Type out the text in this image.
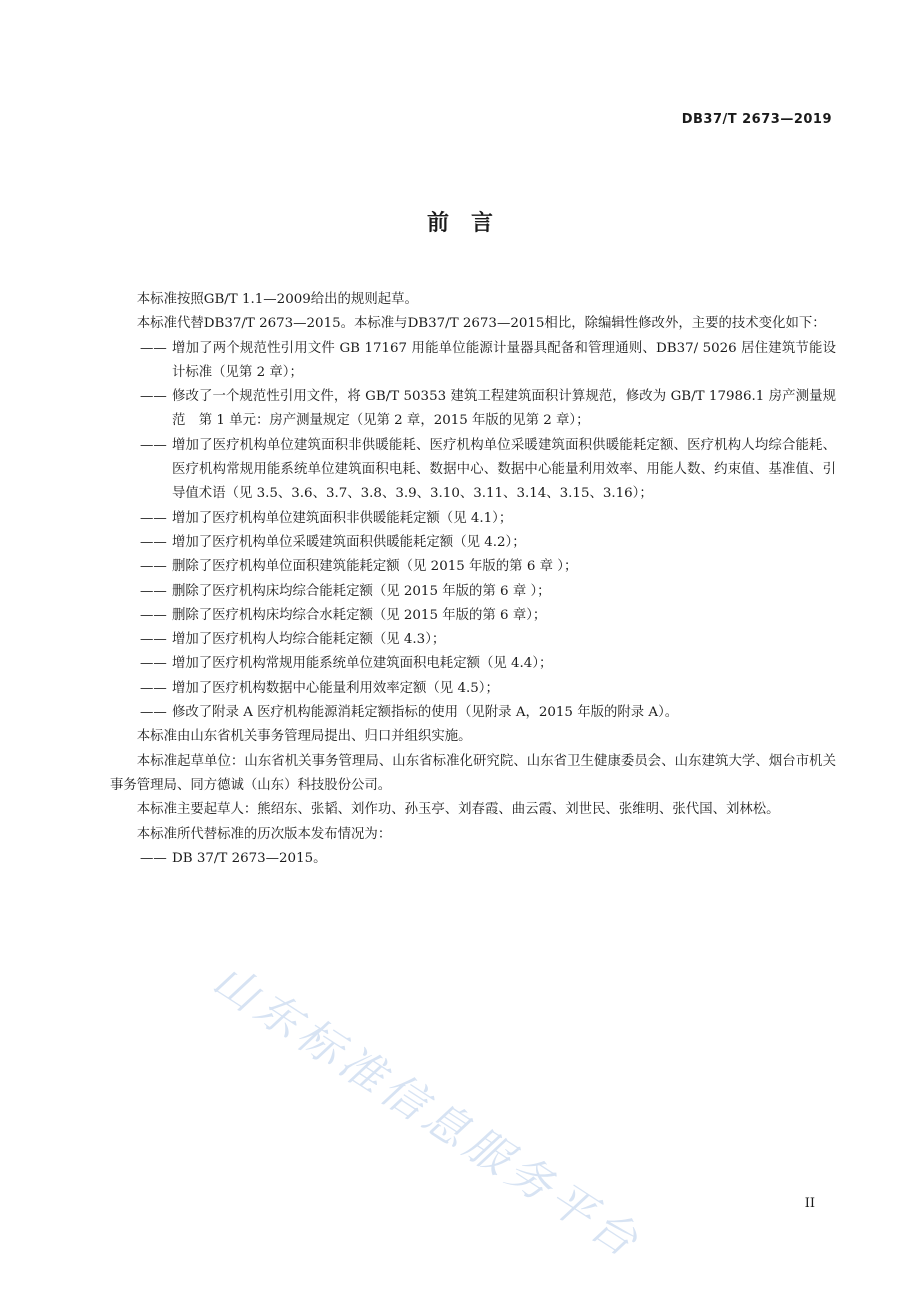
DB37/T 2673—2019
前　言

本标准按照GB/T 1.1—2009给出的规则起草。

本标准代替DB37/T 2673—2015。本标准与DB37/T 2673—2015相比，除编辑性修改外，主要的技术变化如下：

—— 增加了两个规范性引用文件 GB 17167 用能单位能源计量器具配备和管理通则、DB37/ 5026 居住建筑节能设计标准（见第 2 章）；

—— 修改了一个规范性引用文件，将 GB/T 50353 建筑工程建筑面积计算规范，修改为 GB/T 17986.1 房产测量规范　第 1 单元：房产测量规定（见第 2 章，2015 年版的见第 2 章）；

—— 增加了医疗机构单位建筑面积非供暖能耗、医疗机构单位采暖建筑面积供暖能耗定额、医疗机构人均综合能耗、医疗机构常规用能系统单位建筑面积电耗、数据中心、数据中心能量利用效率、用能人数、约束值、基准值、引导值术语（见 3.5、3.6、3.7、3.8、3.9、3.10、3.11、3.14、3.15、3.16）；

—— 增加了医疗机构单位建筑面积非供暖能耗定额（见 4.1）；

—— 增加了医疗机构单位采暖建筑面积供暖能耗定额（见 4.2）；

—— 删除了医疗机构单位面积建筑能耗定额（见 2015 年版的第 6 章 ）；

—— 删除了医疗机构床均综合能耗定额（见 2015 年版的第 6 章 ）；

—— 删除了医疗机构床均综合水耗定额（见 2015 年版的第 6 章）；

—— 增加了医疗机构人均综合能耗定额（见 4.3）；

—— 增加了医疗机构常规用能系统单位建筑面积电耗定额（见 4.4）；

—— 增加了医疗机构数据中心能量利用效率定额（见 4.5）；

—— 修改了附录 A 医疗机构能源消耗定额指标的使用（见附录 A，2015 年版的附录 A）。

本标准由山东省机关事务管理局提出、归口并组织实施。

本标准起草单位：山东省机关事务管理局、山东省标准化研究院、山东省卫生健康委员会、山东建筑大学、烟台市机关事务管理局、同方德诚（山东）科技股份公司。

本标准主要起草人：熊绍东、张韬、刘作功、孙玉亭、刘春霞、曲云霞、刘世民、张维明、张代国、刘林松。

本标准所代替标准的历次版本发布情况为：

—— DB 37/T 2673—2015。

山东标准信息服务平台	II
